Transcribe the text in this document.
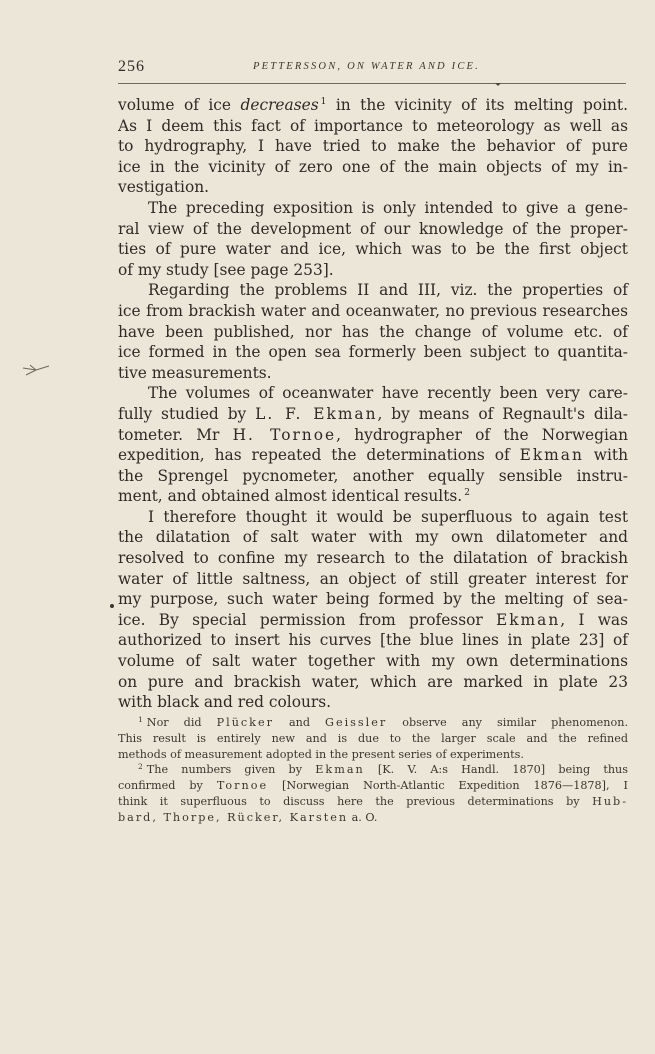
256	PETTERSSON, ON WATER AND ICE.
volume of ice decreases $^1$ in the vicinity of its melting point.
As I deem this fact of importance to meteorology as well as
to hydrography, I have tried to make the behavior of pure
ice in the vicinity of zero one of the main objects of my in-
vestigation.
The preceding exposition is only intended to give a gene-
ral view of the development of our knowledge of the proper-
ties of pure water and ice, which was to be the first object
of my study [see page 253].
Regarding the problems II and III, viz. the properties of
ice from brackish water and oceanwater, no previous researches
have been published, nor has the change of volume etc. of
ice formed in the open sea formerly been subject to quantita-
tive measurements.
The volumes of oceanwater have recently been very care-
fully studied by L. F. Ekman, by means of Regnault's dila-
tometer. Mr H. Tornoe, hydrographer of the Norwegian
expedition, has repeated the determinations of Ekman with
the Sprengel pycnometer, another equally sensible instru-
ment, and obtained almost identical results. $^2$
I therefore thought it would be superfluous to again test
the dilatation of salt water with my own dilatometer and
resolved to confine my research to the dilatation of brackish
water of little saltness, an object of still greater interest for
my purpose, such water being formed by the melting of sea-
ice. By special permission from professor Ekman, I was
authorized to insert his curves [the blue lines in plate 23] of
volume of salt water together with my own determinations
on pure and brackish water, which are marked in plate 23
with black and red colours.
$^1$ Nor did Plücker and Geissler observe any similar phenomenon.
This result is entirely new and is due to the larger scale and the refined
methods of measurement adopted in the present series of experiments.
$^2$ The numbers given by Ekman [K. V. A:s Handl. 1870] being thus
confirmed by Tornoe [Norwegian North-Atlantic Expedition 1876—1878], I
think it superfluous to discuss here the previous determinations by Hub-
bard, Thorpe, Rücker, Karsten a. O.
